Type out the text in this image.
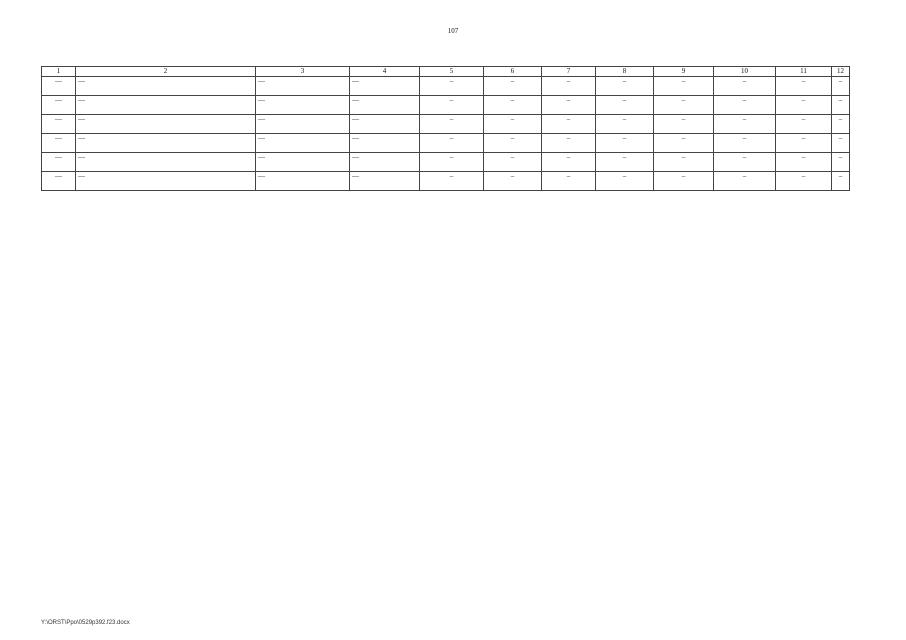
107
1	2	3	4	5	6	7	8	9	10	11	12
—	—	—	—	–	–	–	–	–	–	–	–
—	—	—	—	–	–	–	–	–	–	–	–
—	—	—	—	–	–	–	–	–	–	–	–
—	—	—	—	–	–	–	–	–	–	–	–
—	—	—	—	–	–	–	–	–	–	–	–
—	—	—	—	–	–	–	–	–	–	–	–
Y:\ORST\Ppo\0529p392.f23.docx
